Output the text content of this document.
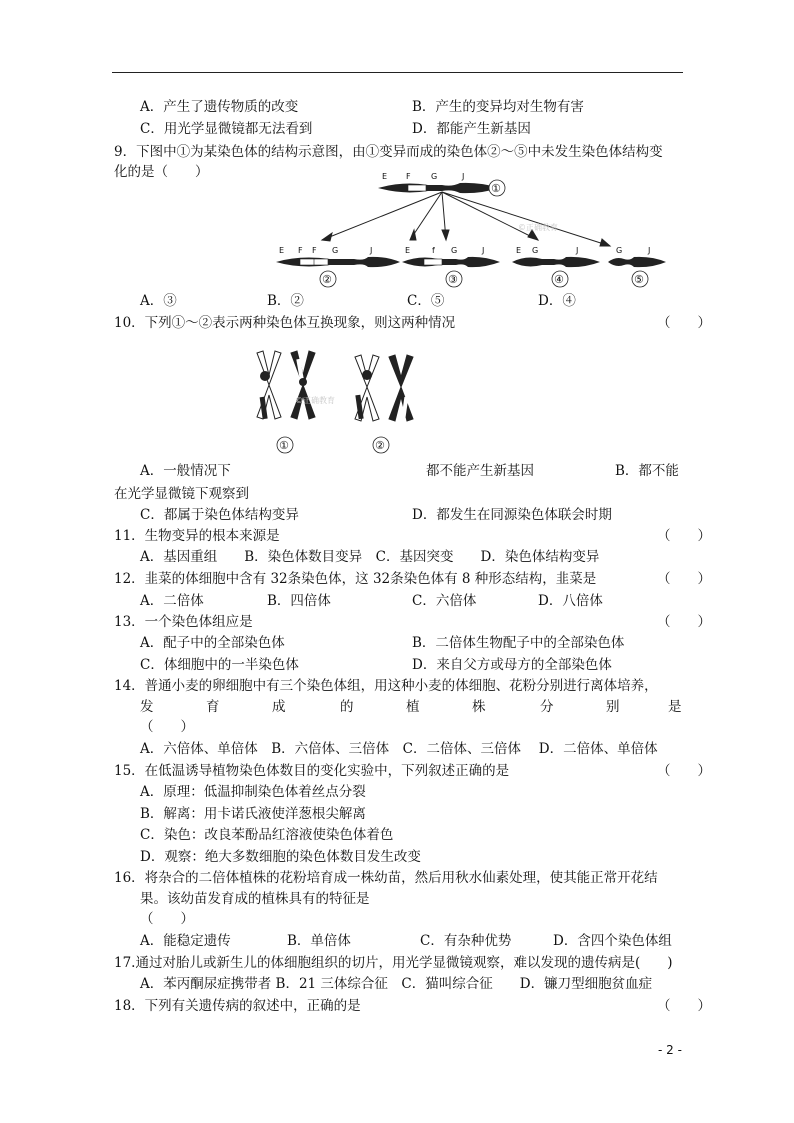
A．产生了遗传物质的改变	B．产生的变异均对生物有害
C．用光学显微镜都无法看到	D．都能产生新基因
9．下图中①为某染色体的结构示意图，由①变异而成的染色体②～⑤中未发生染色体结构变
化的是（　　）	E F	G	J
①
©正确教育
E F F G	J
②
E	f G	J
③
E G	J
④
G	J
⑤
A．③	B．②	C．⑤	D．④
10．下列①～②表示两种染色体互换现象，则这两种情况	（　　）
①
©正确教育
②
A．一般情况下	都不能产生新基因	B．都不能
在光学显微镜下观察到
C．都属于染色体结构变异	D．都发生在同源染色体联会时期
11．生物变异的根本来源是	（　　）
A．基因重组　　B．染色体数目变异　C．基因突变　　D．染色体结构变异
12．韭菜的体细胞中含有 32条染色体，这 32条染色体有 8 种形态结构，韭菜是	（　　）
A．二倍体	B．四倍体	C．六倍体	D．八倍体
13．一个染色体组应是	（　　）
A．配子中的全部染色体	B．二倍体生物配子中的全部染色体
C．体细胞中的一半染色体	D．来自父方或母方的全部染色体
14．普通小麦的卵细胞中有三个染色体组，用这种小麦的体细胞、花粉分别进行离体培养，
发	育	成	的	植	株	分	别	是
（　　）
A．六倍体、单倍体　B．六倍体、三倍体　C．二倍体、三倍体　 D．二倍体、单倍体
15．在低温诱导植物染色体数目的变化实验中，下列叙述正确的是	（　　）
A．原理：低温抑制染色体着丝点分裂
B．解离：用卡诺氏液使洋葱根尖解离
C．染色：改良苯酚品红溶液使染色体着色
D．观察：绝大多数细胞的染色体数目发生改变
16．将杂合的二倍体植株的花粉培育成一株幼苗，然后用秋水仙素处理，使其能正常开花结
果。该幼苗发育成的植株具有的特征是
（　　）
A．能稳定遗传	B．单倍体	C．有杂种优势	D．含四个染色体组
17.通过对胎儿或新生儿的体细胞组织的切片，用光学显微镜观察，难以发现的遗传病是(　　)
A．苯丙酮尿症携带者 B．21 三体综合征　C．猫叫综合征　　D．镰刀型细胞贫血症
18．下列有关遗传病的叙述中，正确的是	（　　）
- 2 -
